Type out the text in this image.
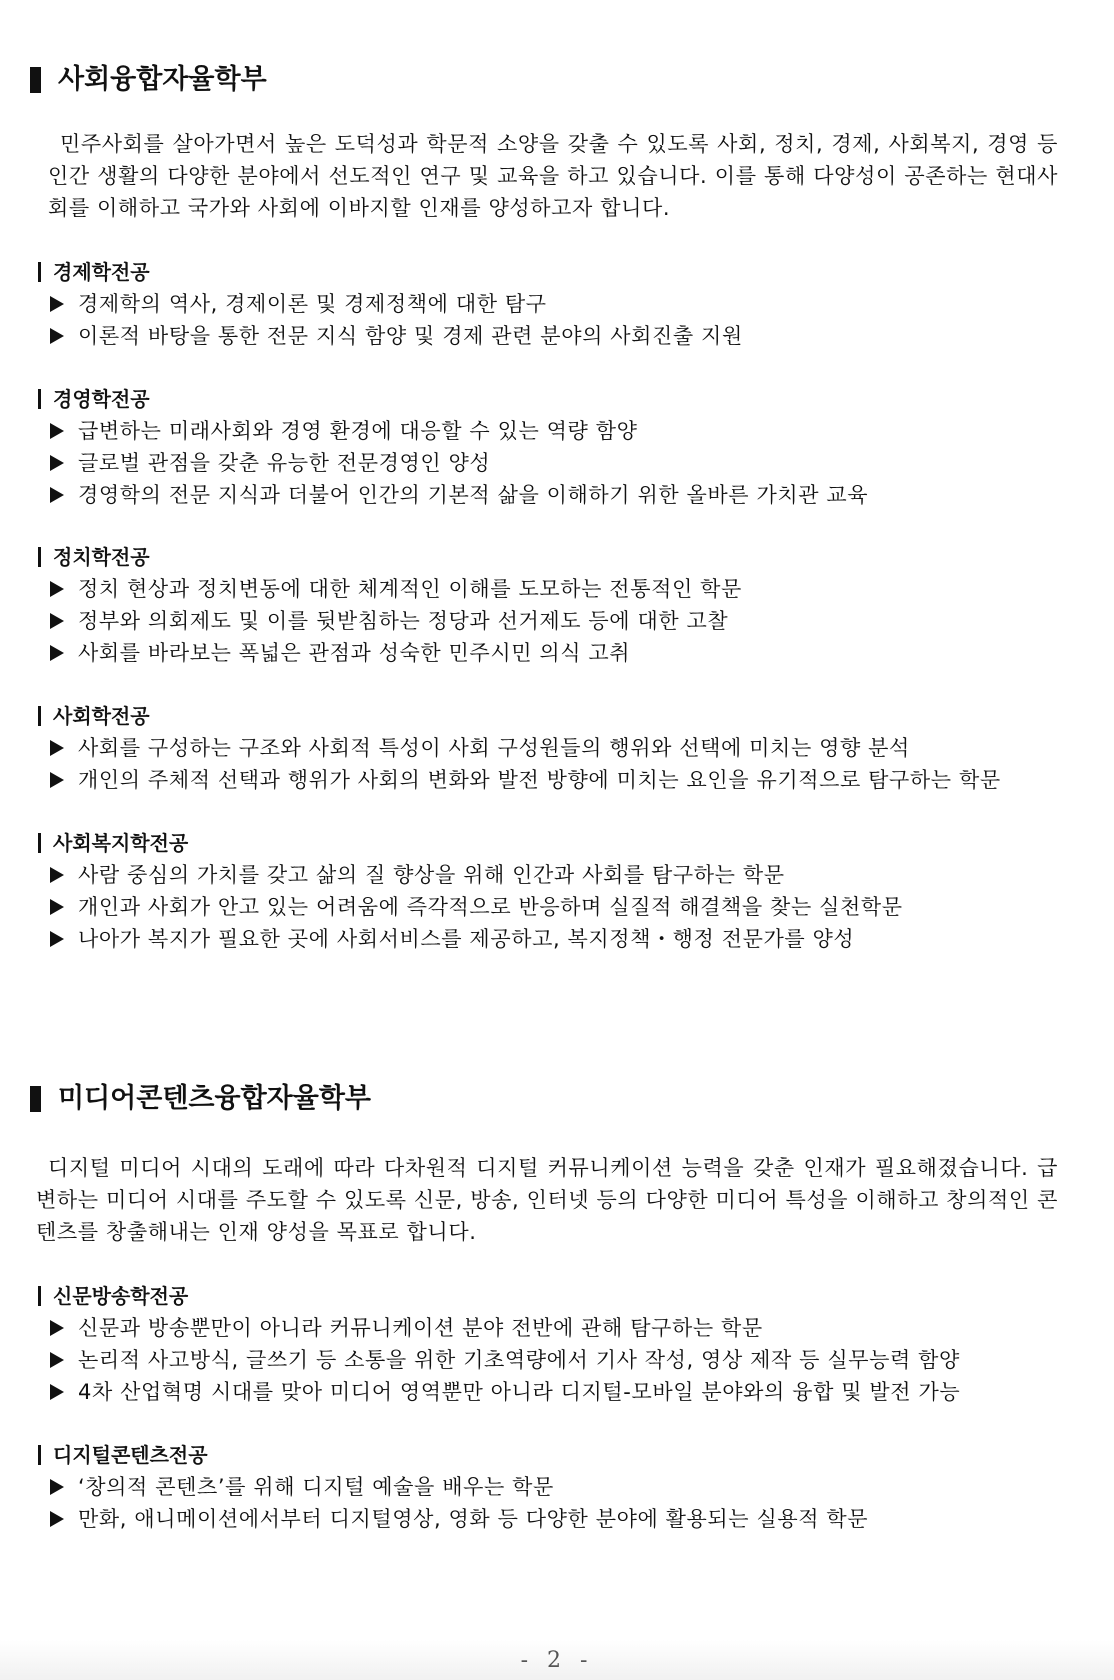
사회융합자율학부

민주사회를 살아가면서 높은 도덕성과 학문적 소양을 갖출 수 있도록 사회, 정치, 경제, 사회복지, 경영 등 인간 생활의 다양한 분야에서 선도적인 연구 및 교육을 하고 있습니다. 이를 통해 다양성이 공존하는 현대사회를 이해하고 국가와 사회에 이바지할 인재를 양성하고자 합니다.

경제학전공
경제학의 역사, 경제이론 및 경제정책에 대한 탐구
이론적 바탕을 통한 전문 지식 함양 및 경제 관련 분야의 사회진출 지원
경영학전공
급변하는 미래사회와 경영 환경에 대응할 수 있는 역량 함양
글로벌 관점을 갖춘 유능한 전문경영인 양성
경영학의 전문 지식과 더불어 인간의 기본적 삶을 이해하기 위한 올바른 가치관 교육
정치학전공
정치 현상과 정치변동에 대한 체계적인 이해를 도모하는 전통적인 학문
정부와 의회제도 및 이를 뒷받침하는 정당과 선거제도 등에 대한 고찰
사회를 바라보는 폭넓은 관점과 성숙한 민주시민 의식 고취
사회학전공
사회를 구성하는 구조와 사회적 특성이 사회 구성원들의 행위와 선택에 미치는 영향 분석
개인의 주체적 선택과 행위가 사회의 변화와 발전 방향에 미치는 요인을 유기적으로 탐구하는 학문
사회복지학전공
사람 중심의 가치를 갖고 삶의 질 향상을 위해 인간과 사회를 탐구하는 학문
개인과 사회가 안고 있는 어려움에 즉각적으로 반응하며 실질적 해결책을 찾는 실천학문
나아가 복지가 필요한 곳에 사회서비스를 제공하고, 복지정책・행정 전문가를 양성
미디어콘텐츠융합자율학부

디지털 미디어 시대의 도래에 따라 다차원적 디지털 커뮤니케이션 능력을 갖춘 인재가 필요해졌습니다. 급변하는 미디어 시대를 주도할 수 있도록 신문, 방송, 인터넷 등의 다양한 미디어 특성을 이해하고 창의적인 콘텐츠를 창출해내는 인재 양성을 목표로 합니다.

신문방송학전공
신문과 방송뿐만이 아니라 커뮤니케이션 분야 전반에 관해 탐구하는 학문
논리적 사고방식, 글쓰기 등 소통을 위한 기초역량에서 기사 작성, 영상 제작 등 실무능력 함양
4차 산업혁명 시대를 맞아 미디어 영역뿐만 아니라 디지털-모바일 분야와의 융합 및 발전 가능
디지털콘텐츠전공
‘창의적 콘텐츠’를 위해 디지털 예술을 배우는 학문
만화, 애니메이션에서부터 디지털영상, 영화 등 다양한 분야에 활용되는 실용적 학문
- 2 -
